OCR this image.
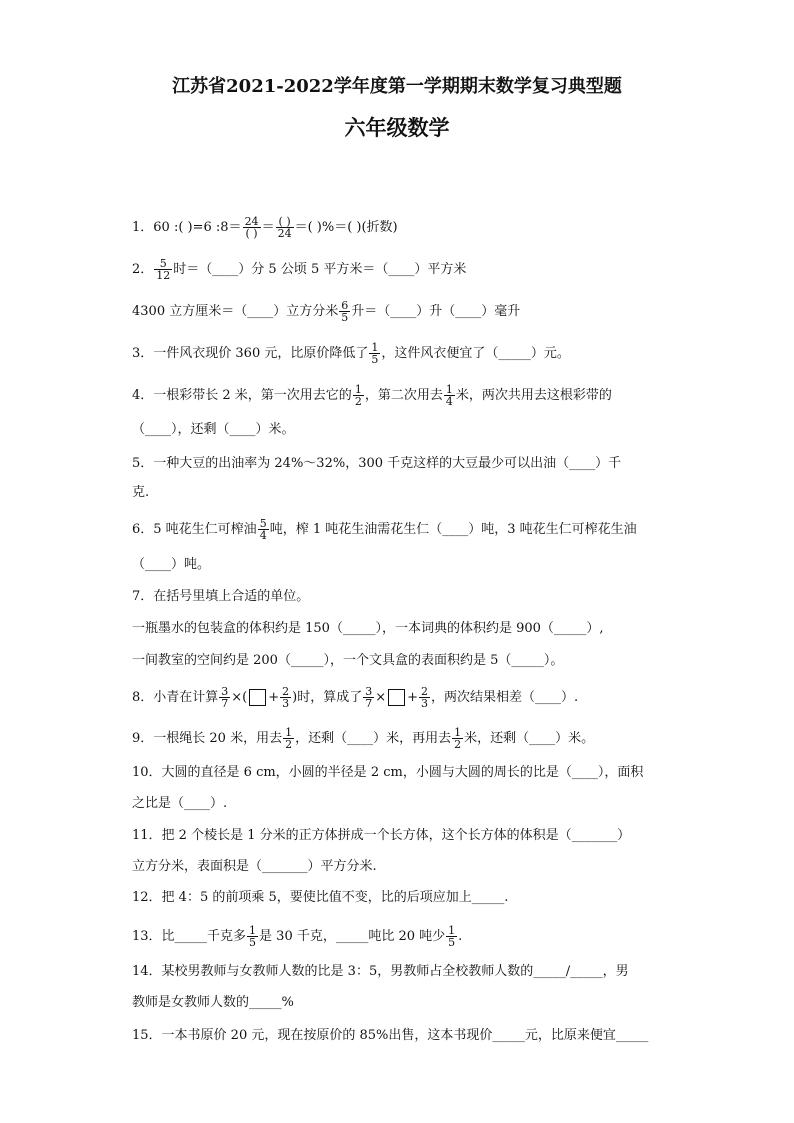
江苏省2021-2022学年度第一学期期末数学复习典型题
六年级数学
1．60 :( )=6 :8＝ $\frac{24}{( )} = \frac{( )}{24}$ ＝( )%＝( )(折数)
2． $\frac{5}{12}$ 时＝（____）分 5 公顷 5 平方米＝（____）平方米
4300 立方厘米＝（____）立方分米 $\frac{6}{5}$ 升＝（____）升（____）毫升
3．一件风衣现价 360 元，比原价降低了 $\frac{1}{5}$ ，这件风衣便宜了（_____）元。
4．一根彩带长 2 米，第一次用去它的 $\frac{1}{2}$ ，第二次用去 $\frac{1}{4}$ 米，两次共用去这根彩带的
（____），还剩（____）米。
5．一种大豆的出油率为 24%～32%，300 千克这样的大豆最少可以出油（____）千
克.
6．5 吨花生仁可榨油 $\frac{5}{4}$ 吨，榨 1 吨花生油需花生仁（____）吨，3 吨花生仁可榨花生油
（____）吨。
7．在括号里填上合适的单位。
一瓶墨水的包装盒的体积约是 150（_____），一本词典的体积约是 900（_____）,
一间教室的空间约是 200（_____），一个文具盒的表面积约是 5（_____）。
8．小青在计算 $\frac{3}{7}$ ×( + $\frac{2}{3}$ )时，算成了 $\frac{3}{7}$ × + $\frac{2}{3}$ ，两次结果相差（____）.
9．一根绳长 20 米，用去 $\frac{1}{2}$ ，还剩（____）米，再用去 $\frac{1}{2}$ 米，还剩（____）米。
10．大圆的直径是 6 cm，小圆的半径是 2 cm，小圆与大圆的周长的比是（____），面积
之比是（____）.
11．把 2 个棱长是 1 分米的正方体拼成一个长方体，这个长方体的体积是（_______）
立方分米，表面积是（_______）平方分米.
12．把 4：5 的前项乘 5，要使比值不变，比的后项应加上_____.
13．比_____千克多 $\frac{1}{5}$ 是 30 千克，_____吨比 20 吨少 $\frac{1}{5}$ .
14．某校男教师与女教师人数的比是 3：5，男教师占全校教师人数的_____/_____，男
教师是女教师人数的_____%
15．一本书原价 20 元，现在按原价的 85%出售，这本书现价_____元，比原来便宜_____
